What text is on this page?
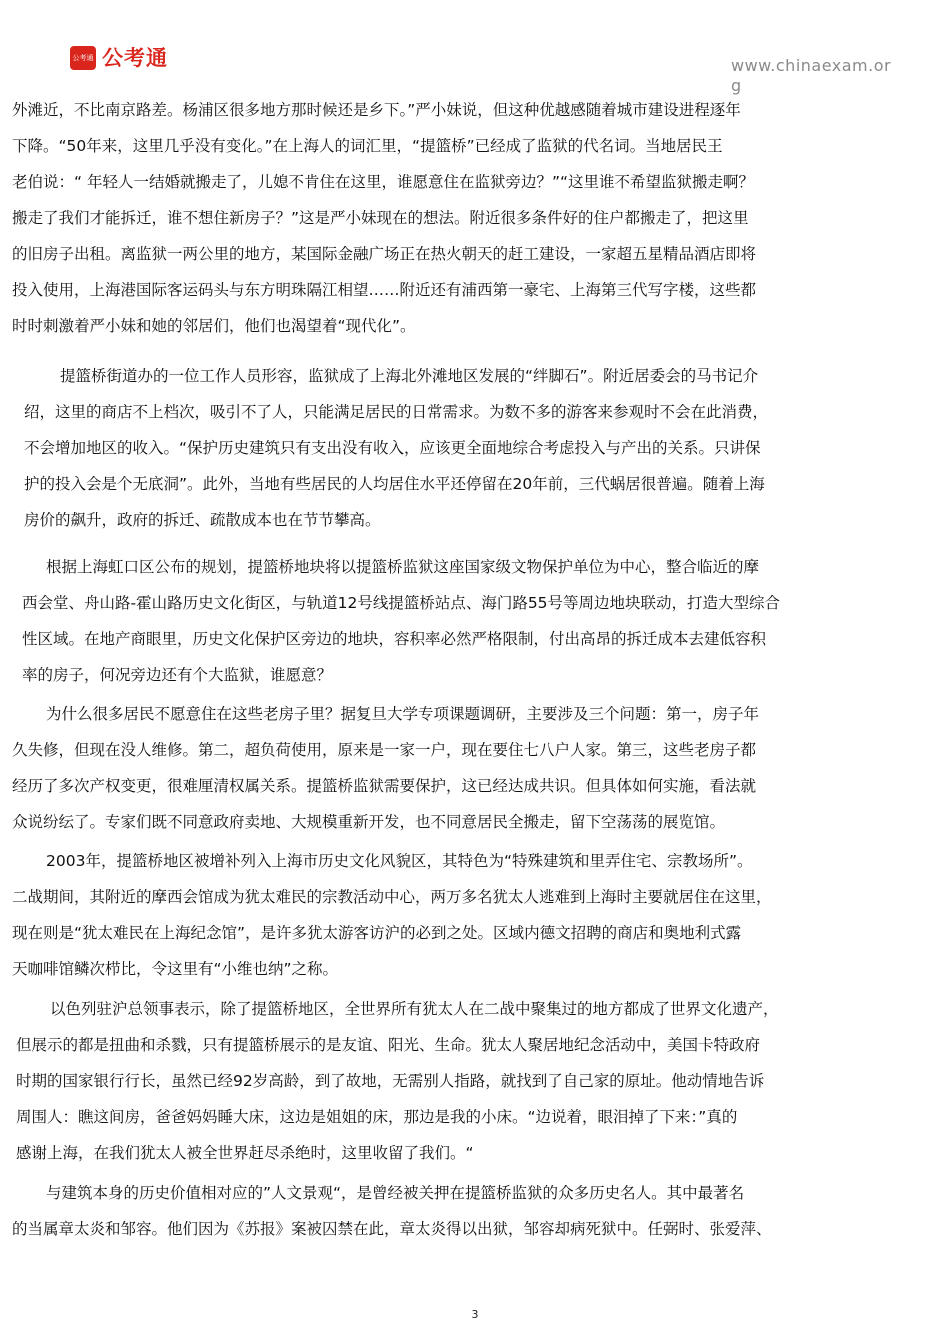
公考通 公考通	www.chinaexam.org
外滩近，不比南京路差。杨浦区很多地方那时候还是乡下。”严小妹说，但这种优越感随着城市建设进程逐年
下降。“50年来，这里几乎没有变化。”在上海人的词汇里，“提篮桥”已经成了监狱的代名词。当地居民王
老伯说：“ 年轻人一结婚就搬走了，儿媳不肯住在这里，谁愿意住在监狱旁边？”“这里谁不希望监狱搬走啊？
搬走了我们才能拆迁，谁不想住新房子？”这是严小妹现在的想法。附近很多条件好的住户都搬走了，把这里
的旧房子出租。离监狱一两公里的地方，某国际金融广场正在热火朝天的赶工建设，一家超五星精品酒店即将
投入使用，上海港国际客运码头与东方明珠隔江相望……附近还有浦西第一豪宅、上海第三代写字楼，这些都
时时刺激着严小妹和她的邻居们，他们也渴望着“现代化”。
提篮桥街道办的一位工作人员形容，监狱成了上海北外滩地区发展的“绊脚石”。附近居委会的马书记介
绍，这里的商店不上档次，吸引不了人，只能满足居民的日常需求。为数不多的游客来参观时不会在此消费，
不会增加地区的收入。“保护历史建筑只有支出没有收入，应该更全面地综合考虑投入与产出的关系。只讲保
护的投入会是个无底洞”。此外，当地有些居民的人均居住水平还停留在20年前，三代蜗居很普遍。随着上海
房价的飙升，政府的拆迁、疏散成本也在节节攀高。
根据上海虹口区公布的规划，提篮桥地块将以提篮桥监狱这座国家级文物保护单位为中心，整合临近的摩
西会堂、舟山路-霍山路历史文化街区，与轨道12号线提篮桥站点、海门路55号等周边地块联动，打造大型综合
性区域。在地产商眼里，历史文化保护区旁边的地块，容积率必然严格限制，付出高昂的拆迁成本去建低容积
率的房子，何况旁边还有个大监狱，谁愿意？
为什么很多居民不愿意住在这些老房子里？据复旦大学专项课题调研，主要涉及三个问题：第一，房子年
久失修，但现在没人维修。第二，超负荷使用，原来是一家一户，现在要住七八户人家。第三，这些老房子都
经历了多次产权变更，很难厘清权属关系。提篮桥监狱需要保护，这已经达成共识。但具体如何实施，看法就
众说纷纭了。专家们既不同意政府卖地、大规模重新开发，也不同意居民全搬走，留下空荡荡的展览馆。
2003年，提篮桥地区被增补列入上海市历史文化风貌区，其特色为“特殊建筑和里弄住宅、宗教场所”。
二战期间，其附近的摩西会馆成为犹太难民的宗教活动中心，两万多名犹太人逃难到上海时主要就居住在这里，
现在则是“犹太难民在上海纪念馆”，是许多犹太游客访沪的必到之处。区域内德文招聘的商店和奥地利式露
天咖啡馆鳞次栉比，令这里有“小维也纳”之称。
以色列驻沪总领事表示，除了提篮桥地区，全世界所有犹太人在二战中聚集过的地方都成了世界文化遗产，
但展示的都是扭曲和杀戮，只有提篮桥展示的是友谊、阳光、生命。犹太人聚居地纪念活动中，美国卡特政府
时期的国家银行行长，虽然已经92岁高龄，到了故地，无需别人指路，就找到了自己家的原址。他动情地告诉
周围人：瞧这间房，爸爸妈妈睡大床，这边是姐姐的床，那边是我的小床。“边说着，眼泪掉了下来：”真的
感谢上海，在我们犹太人被全世界赶尽杀绝时，这里收留了我们。“
与建筑本身的历史价值相对应的”人文景观“，是曾经被关押在提篮桥监狱的众多历史名人。其中最著名
的当属章太炎和邹容。他们因为《苏报》案被囚禁在此，章太炎得以出狱，邹容却病死狱中。任弼时、张爱萍、
3
